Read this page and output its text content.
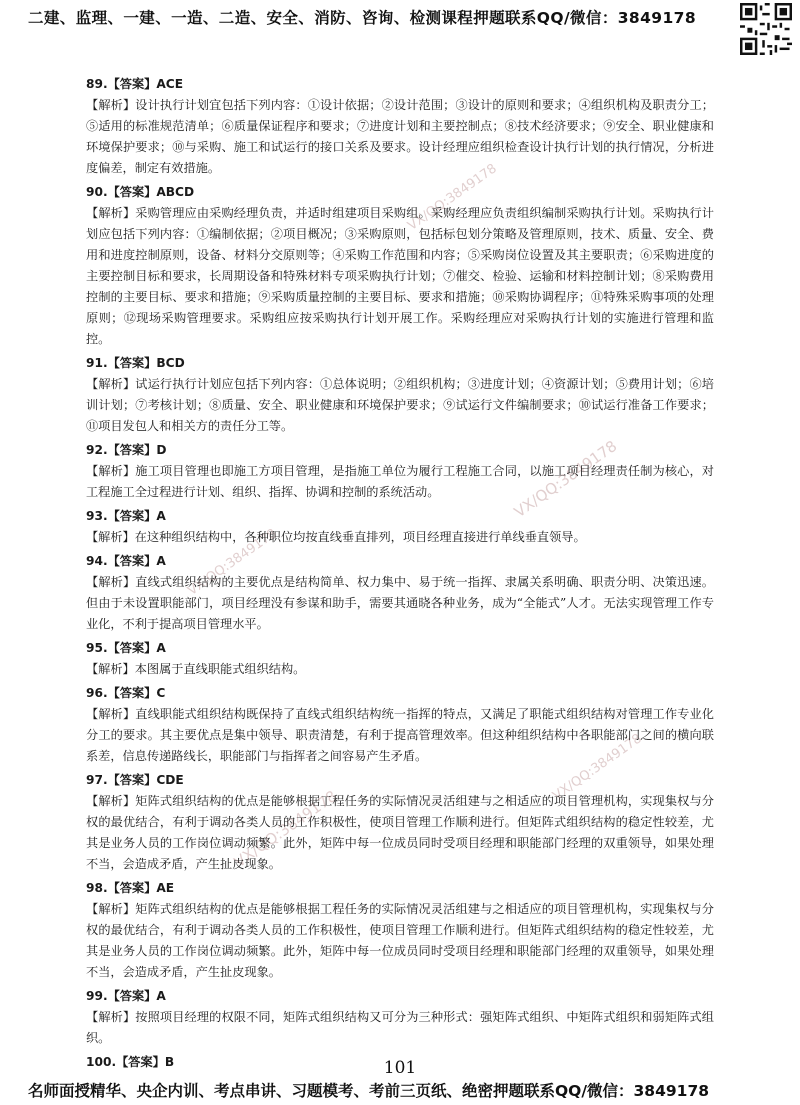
二建、监理、一建、一造、二造、安全、消防、咨询、检测课程押题联系QQ/微信：3849178
VX/QQ:3849178
VX/QQ:3849178
VX/QQ:3849178
VX/QQ:3849178
VX/QQ:3849178
89.【答案】ACE
【解析】设计执行计划宜包括下列内容：①设计依据；②设计范围；③设计的原则和要求；④组织机构及职责分工；⑤适用的标准规范清单；⑥质量保证程序和要求；⑦进度计划和主要控制点；⑧技术经济要求；⑨安全、职业健康和环境保护要求；⑩与采购、施工和试运行的接口关系及要求。设计经理应组织检查设计执行计划的执行情况，分析进度偏差，制定有效措施。
90.【答案】ABCD
【解析】采购管理应由采购经理负责，并适时组建项目采购组。采购经理应负责组织编制采购执行计划。采购执行计划应包括下列内容：①编制依据；②项目概况；③采购原则，包括标包划分策略及管理原则，技术、质量、安全、费用和进度控制原则，设备、材料分交原则等；④采购工作范围和内容；⑤采购岗位设置及其主要职责；⑥采购进度的主要控制目标和要求，长周期设备和特殊材料专项采购执行计划；⑦催交、检验、运输和材料控制计划；⑧采购费用控制的主要目标、要求和措施；⑨采购质量控制的主要目标、要求和措施；⑩采购协调程序；⑪特殊采购事项的处理原则；⑫现场采购管理要求。采购组应按采购执行计划开展工作。采购经理应对采购执行计划的实施进行管理和监控。
91.【答案】BCD
【解析】试运行执行计划应包括下列内容：①总体说明；②组织机构；③进度计划；④资源计划；⑤费用计划；⑥培训计划；⑦考核计划；⑧质量、安全、职业健康和环境保护要求；⑨试运行文件编制要求；⑩试运行准备工作要求；⑪项目发包人和相关方的责任分工等。
92.【答案】D
【解析】施工项目管理也即施工方项目管理，是指施工单位为履行工程施工合同，以施工项目经理责任制为核心，对工程施工全过程进行计划、组织、指挥、协调和控制的系统活动。
93.【答案】A
【解析】在这种组织结构中，各种职位均按直线垂直排列，项目经理直接进行单线垂直领导。
94.【答案】A
【解析】直线式组织结构的主要优点是结构简单、权力集中、易于统一指挥、隶属关系明确、职责分明、决策迅速。但由于未设置职能部门，项目经理没有参谋和助手，需要其通晓各种业务，成为“全能式”人才。无法实现管理工作专业化，不利于提高项目管理水平。
95.【答案】A
【解析】本图属于直线职能式组织结构。
96.【答案】C
【解析】直线职能式组织结构既保持了直线式组织结构统一指挥的特点，又满足了职能式组织结构对管理工作专业化分工的要求。其主要优点是集中领导、职责清楚，有利于提高管理效率。但这种组织结构中各职能部门之间的横向联系差，信息传递路线长，职能部门与指挥者之间容易产生矛盾。
97.【答案】CDE
【解析】矩阵式组织结构的优点是能够根据工程任务的实际情况灵活组建与之相适应的项目管理机构，实现集权与分权的最优结合，有利于调动各类人员的工作积极性，使项目管理工作顺利进行。但矩阵式组织结构的稳定性较差，尤其是业务人员的工作岗位调动频繁。此外，矩阵中每一位成员同时受项目经理和职能部门经理的双重领导，如果处理不当，会造成矛盾，产生扯皮现象。
98.【答案】AE
【解析】矩阵式组织结构的优点是能够根据工程任务的实际情况灵活组建与之相适应的项目管理机构，实现集权与分权的最优结合，有利于调动各类人员的工作积极性，使项目管理工作顺利进行。但矩阵式组织结构的稳定性较差，尤其是业务人员的工作岗位调动频繁。此外，矩阵中每一位成员同时受项目经理和职能部门经理的双重领导，如果处理不当，会造成矛盾，产生扯皮现象。
99.【答案】A
【解析】按照项目经理的权限不同，矩阵式组织结构又可分为三种形式：强矩阵式组织、中矩阵式组织和弱矩阵式组织。
100.【答案】B	101
名师面授精华、央企内训、考点串讲、习题模考、考前三页纸、绝密押题联系QQ/微信：3849178
